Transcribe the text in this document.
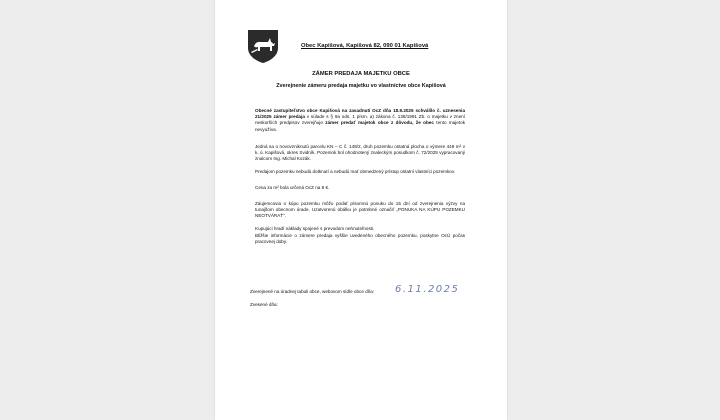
Obec Kapišová, Kapišová 82, 090 01 Kapišová
ZÁMER PREDAJA MAJETKU OBCE
Zverejnenie zámeru predaja majetku vo vlastníctve obce Kapišová
Obecné zastupiteľstvo obce Kapišová na zasadnutí OcZ dňa 18.9.2025 schválilo č. uznesenia 21/2025 zámer predaja v súlade s § 9a ods. 1 písm. a) zákona č. 138/1991 Zb. o majetku v znení neskorších predpisov zverejňuje zámer predať majetok obce z dôvodu, že obec tento majetok nevyužíva.
Jedná sa o novovzniknutú parcelu KN – C č. 149/2, druh pozemku ostatná plocha o výmere 449 m² v k. ú. Kapišová, okres Svidník. Pozemok bol ohodnotený znaleckým posudkom č. 72/2025 vypracovaný znalcom Ing. Michal Kozák.
Predajom pozemku nebudú dotknutí a nebudú mať obmedzený prístup ostatní vlastníci pozemkov.
Cena za m² bola určená OcZ na 8 €.
Záujemcovia o kúpu pozemku môžu podať písomnú ponuku do 15 dní od zverejnenia výzvy na tunajšom obecnom úrade. Uzatvorenú obálku je potrebné označiť „PONUKA NA KÚPU POZEMKU NEOTVÁRAŤ“.
Kupujúci hradí náklady spojené s prevodom nehnuteľnosti.
Bližšie informácie o zámere predaja vyššie uvedeného obecného pozemku, poskytne OcÚ počas pracovnej doby.
Zverejnené na úradnej tabuli obce, webovom sídle obce dňa: 6.11.2025
Zvesené dňa:
